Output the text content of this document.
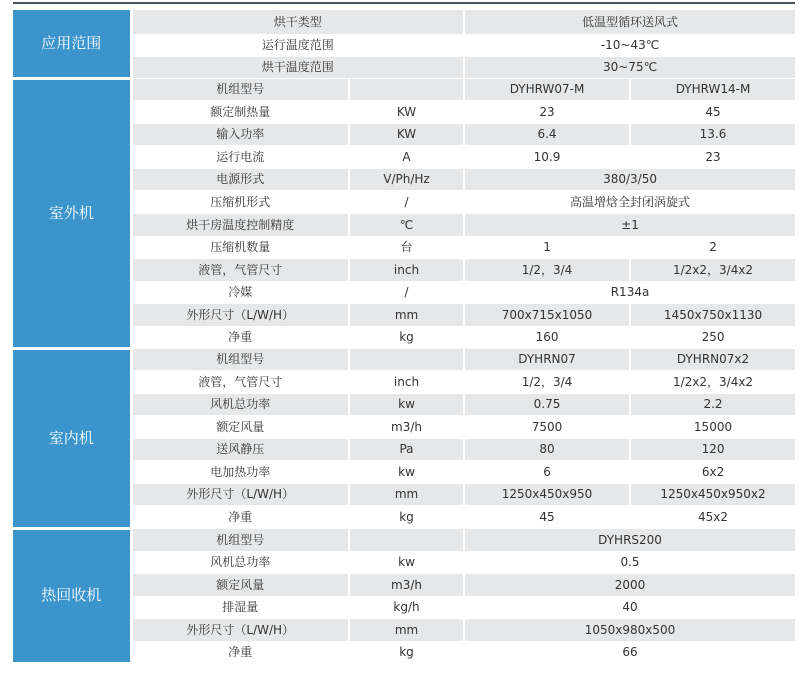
应用范围	烘干类型		低温型循环送风式	
	运行温度范围		-10~43℃	
	烘干温度范围		30~75℃	
室外机	机组型号		DYHRW07-M	DYHRW14-M
	额定制热量	KW	23	45
	输入功率	KW	6.4	13.6
	运行电流	A	10.9	23
	电源形式	V/Ph/Hz	380/3/50	
	压缩机形式	/	高温增焓全封闭涡旋式	
	烘干房温度控制精度	℃	±1	
	压缩机数量	台	1	2
	液管，气管尺寸	inch	1/2，3/4	1/2x2，3/4x2
	冷媒	/	R134a	
	外形尺寸（L/W/H）	mm	700x715x1050	1450x750x1130
	净重	kg	160	250
室内机	机组型号		DYHRN07	DYHRN07x2
	液管，气管尺寸	inch	1/2，3/4	1/2x2，3/4x2
	风机总功率	kw	0.75	2.2
	额定风量	m3/h	7500	15000
	送风静压	Pa	80	120
	电加热功率	kw	6	6x2
	外形尺寸（L/W/H）	mm	1250x450x950	1250x450x950x2
	净重	kg	45	45x2
热回收机	机组型号		DYHRS200	
	风机总功率	kw	0.5	
	额定风量	m3/h	2000	
	排湿量	kg/h	40	
	外形尺寸（L/W/H）	mm	1050x980x500	
	净重	kg	66	
